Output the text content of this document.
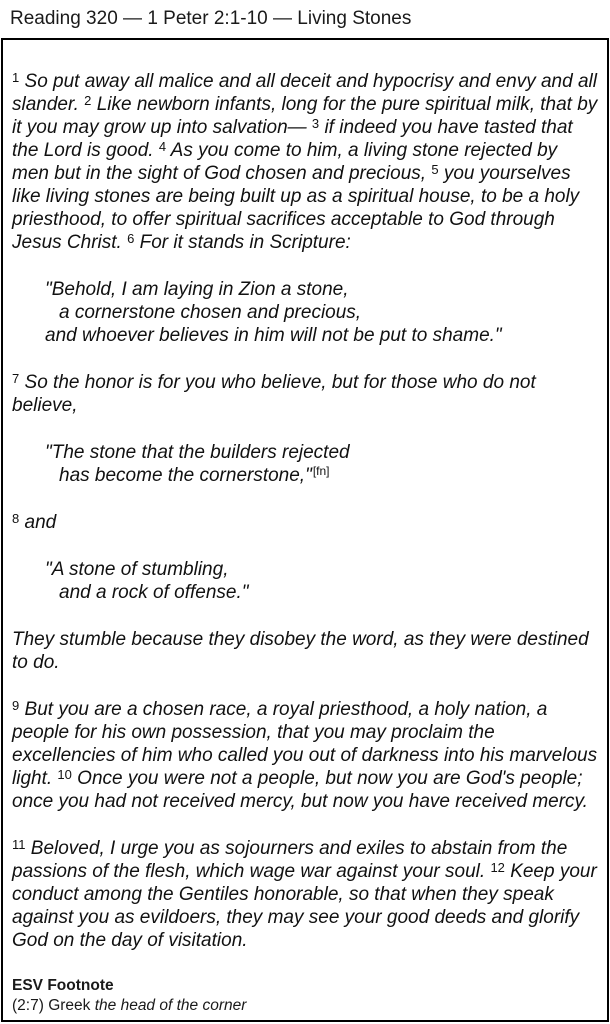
Reading 320 — 1 Peter 2:1-10 — Living Stones

$^1$ So put away all malice and all deceit and hypocrisy and envy and all slander. $^2$ Like newborn infants, long for the pure spiritual milk, that by it you may grow up into salvation— $^3$ if indeed you have tasted that the Lord is good. $^4$ As you come to him, a living stone rejected by men but in the sight of God chosen and precious, $^5$ you yourselves like living stones are being built up as a spiritual house, to be a holy priesthood, to offer spiritual sacrifices acceptable to God through Jesus Christ. $^6$ For it stands in Scripture:

"Behold, I am laying in Zion a stone,
a cornerstone chosen and precious,
and whoever believes in him will not be put to shame."

$^7$ So the honor is for you who believe, but for those who do not believe,

"The stone that the builders rejected
has become the cornerstone,"[fn]

$^8$ and

"A stone of stumbling,
and a rock of offense."

They stumble because they disobey the word, as they were destined to do.

$^9$ But you are a chosen race, a royal priesthood, a holy nation, a people for his own possession, that you may proclaim the excellencies of him who called you out of darkness into his marvelous light. $^{10}$ Once you were not a people, but now you are God's people; once you had not received mercy, but now you have received mercy.

$^{11}$ Beloved, I urge you as sojourners and exiles to abstain from the passions of the flesh, which wage war against your soul. $^{12}$ Keep your conduct among the Gentiles honorable, so that when they speak against you as evildoers, they may see your good deeds and glorify God on the day of visitation.

ESV Footnote
(2:7) Greek the head of the corner
